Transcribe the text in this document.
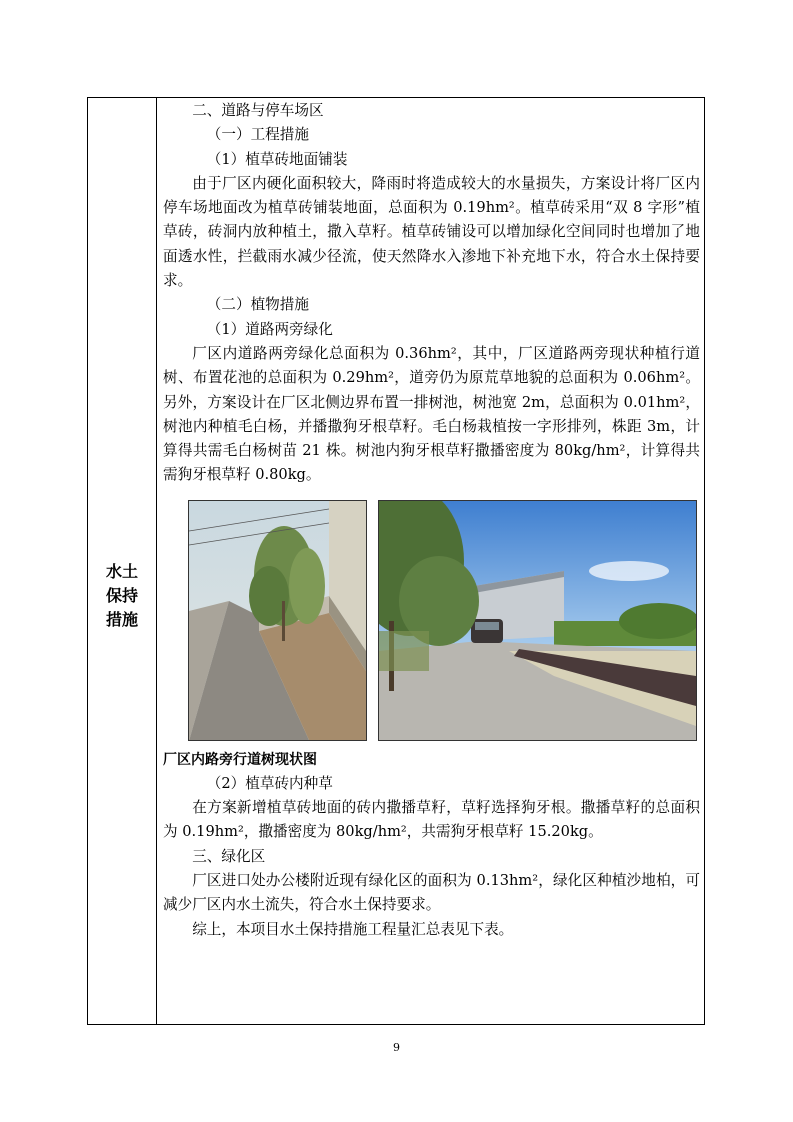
水土
保持
措施

二、道路与停车场区

（一）工程措施

（1）植草砖地面铺装

由于厂区内硬化面积较大，降雨时将造成较大的水量损失，方案设计将厂区内停车场地面改为植草砖铺装地面，总面积为 0.19hm²。植草砖采用“双 8 字形”植草砖，砖洞内放种植土，撒入草籽。植草砖铺设可以增加绿化空间同时也增加了地面透水性，拦截雨水减少径流，使天然降水入渗地下补充地下水，符合水土保持要求。

（二）植物措施

（1）道路两旁绿化

厂区内道路两旁绿化总面积为 0.36hm²，其中，厂区道路两旁现状种植行道树、布置花池的总面积为 0.29hm²，道旁仍为原荒草地貌的总面积为 0.06hm²。另外，方案设计在厂区北侧边界布置一排树池，树池宽 2m，总面积为 0.01hm²，树池内种植毛白杨，并播撒狗牙根草籽。毛白杨栽植按一字形排列，株距 3m，计算得共需毛白杨树苗 21 株。树池内狗牙根草籽撒播密度为 80kg/hm²，计算得共需狗牙根草籽 0.80kg。

厂区内路旁行道树现状图

（2）植草砖内种草

在方案新增植草砖地面的砖内撒播草籽，草籽选择狗牙根。撒播草籽的总面积为 0.19hm²，撒播密度为 80kg/hm²，共需狗牙根草籽 15.20kg。

三、绿化区

厂区进口处办公楼附近现有绿化区的面积为 0.13hm²，绿化区种植沙地柏，可减少厂区内水土流失，符合水土保持要求。

综上，本项目水土保持措施工程量汇总表见下表。

9
